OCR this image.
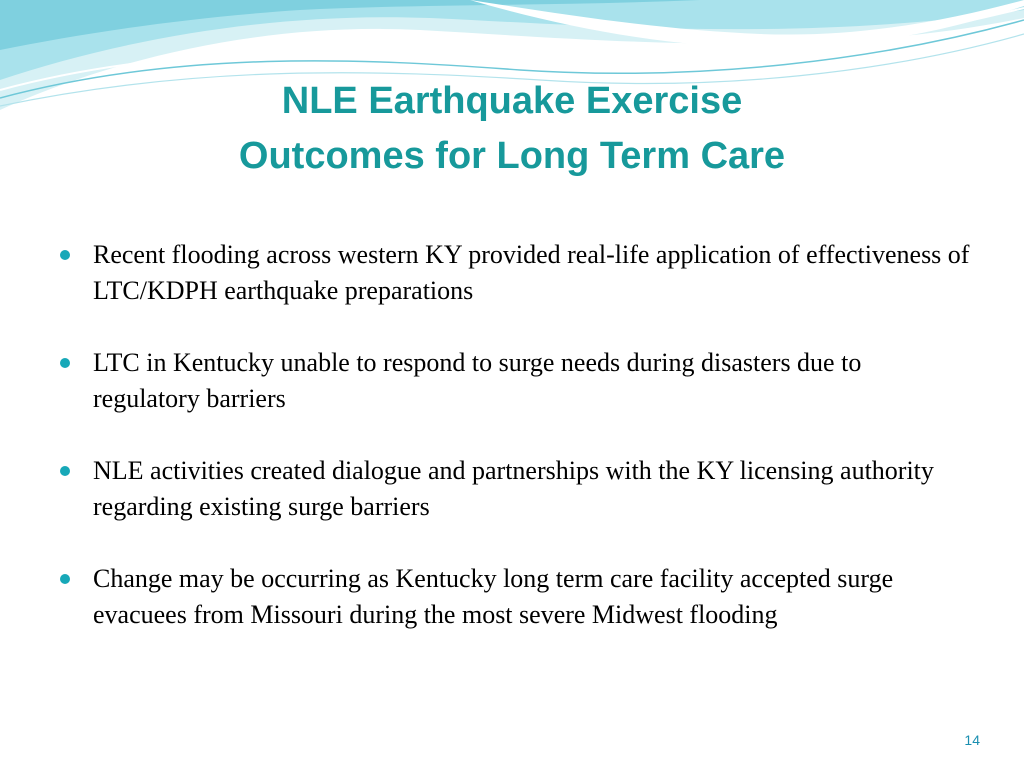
NLE Earthquake Exercise
Outcomes for Long Term Care
Recent flooding across western KY provided real-life application of effectiveness of LTC/KDPH earthquake preparations
LTC in Kentucky unable to respond to surge needs during disasters due to regulatory barriers
NLE activities created dialogue and partnerships with the KY licensing authority regarding existing surge barriers
Change may be occurring as Kentucky long term care facility accepted surge evacuees from Missouri during the most severe Midwest flooding
14
